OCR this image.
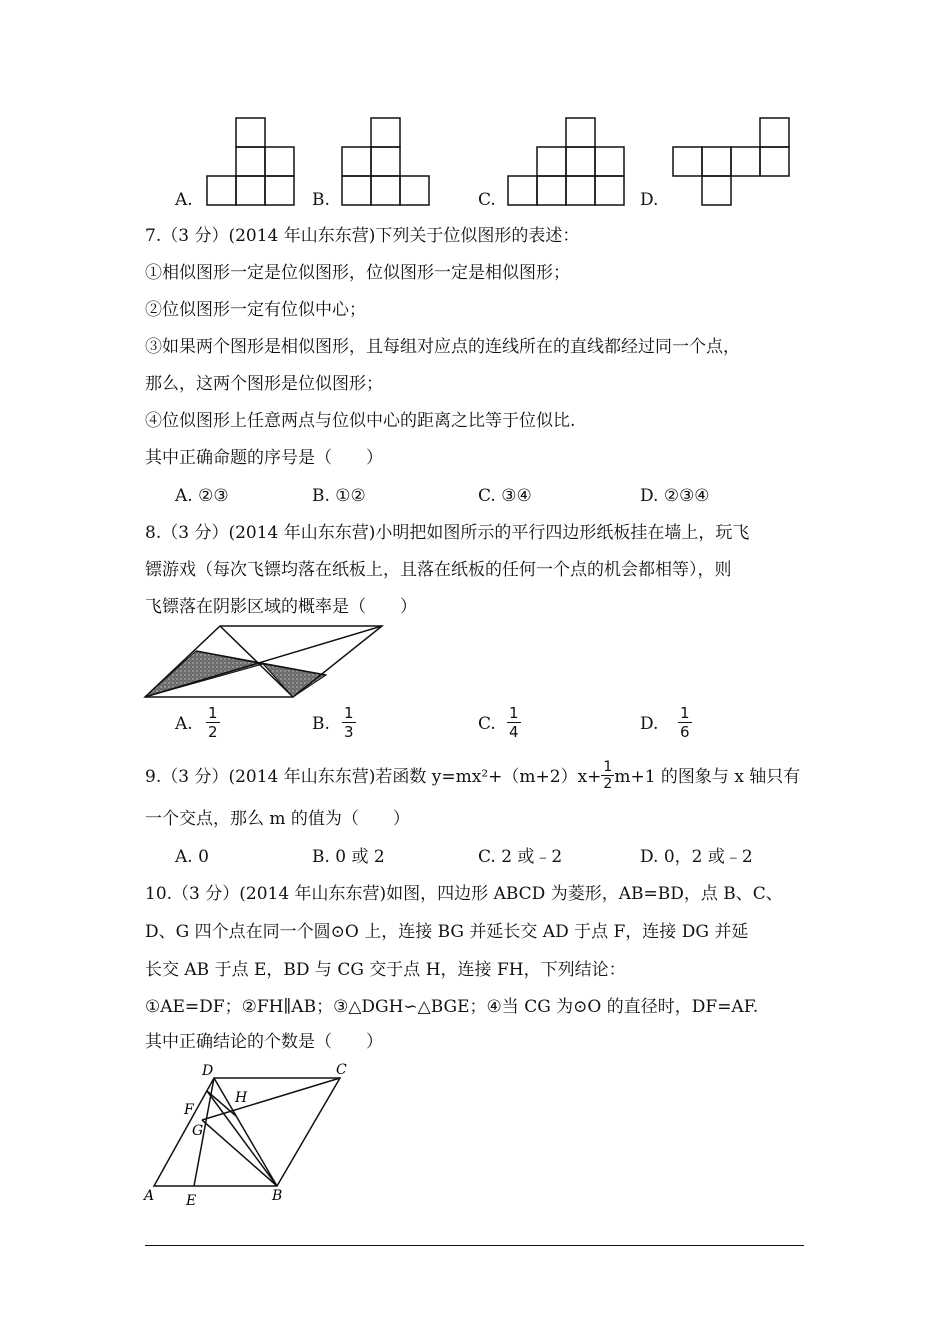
A.	B.	C.	D.
7.（3 分）(2014 年山东东营)下列关于位似图形的表述：
①相似图形一定是位似图形，位似图形一定是相似图形；
②位似图形一定有位似中心；
③如果两个图形是相似图形，且每组对应点的连线所在的直线都经过同一个点，
那么，这两个图形是位似图形；
④位似图形上任意两点与位似中心的距离之比等于位似比.
其中正确命题的序号是（　　）
A. ②③	B. ①②	C. ③④	D. ②③④
8.（3 分）(2014 年山东东营)小明把如图所示的平行四边形纸板挂在墙上，玩飞
镖游戏（每次飞镖均落在纸板上，且落在纸板的任何一个点的机会都相等），则
飞镖落在阴影区域的概率是（　　）
A. $\frac{1}{2}$	B. $\frac{1}{3}$	C. $\frac{1}{4}$	D. $\frac{1}{6}$
9.（3 分）(2014 年山东东营)若函数 $y=mx^2+(m+2)x+ \frac{1}{2} m+1$ 的图象与 x 轴只有
一个交点，那么 m 的值为（　　）
A. 0	B. 0 或 2	C. 2 或﹣2	D. 0，2 或﹣2
10.（3 分）(2014 年山东东营)如图，四边形 ABCD 为菱形，AB=BD，点 B、C、
D、G 四个点在同一个圆⊙O 上，连接 BG 并延长交 AD 于点 F，连接 DG 并延
长交 AB 于点 E，BD 与 CG 交于点 H，连接 FH，下列结论：
①AE=DF；②FH∥AB；③△DGH∽△BGE；④当 CG 为⊙O 的直径时，DF=AF.
其中正确结论的个数是（　　）
D	C
H
F
G
A E	B
